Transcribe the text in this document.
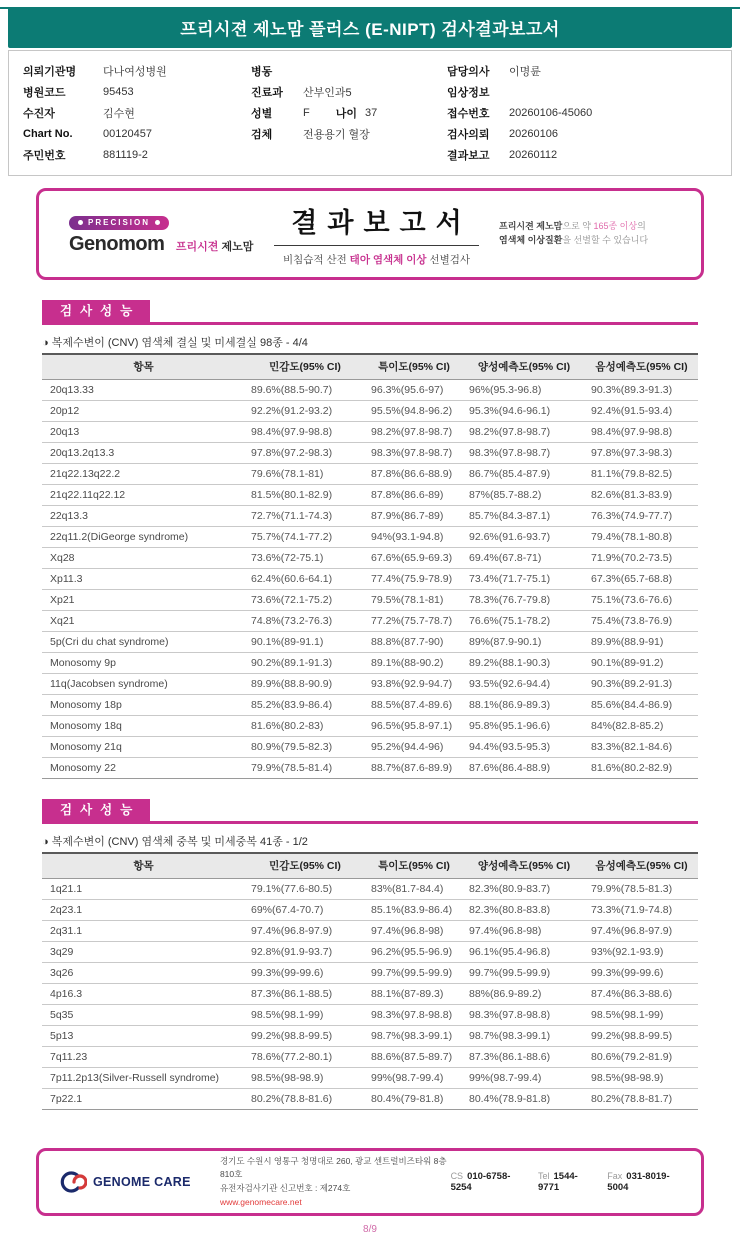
프리시젼 제노맘 플러스 (E-NIPT) 검사결과보고서
의뢰기관명	다나여성병원
병원코드	95453
수진자	김수현
Chart No.	00120457
주민번호	881119-2
병동
진료과	산부인과5
성별	F 나이 37
검체	전용용기 혈장
담당의사	이명륜
임상정보
접수번호	20260106-45060
검사의뢰	20260106
결과보고	20260112
PRECISION
Genomom 프리시젼 제노맘
결과보고서
비침습적 산전 태아 염색체 이상 선별검사
프리시젼 제노맘으로 약 165종 이상의
염색체 이상질환을 선별할 수 있습니다
검사성능
◑ 복제수변이 (CNV) 염색체 결실 및 미세결실 98종 - 4/4
항목	민감도(95% CI)	특이도(95% CI)	양성예측도(95% CI)	음성예측도(95% CI)
20q13.33	89.6%(88.5-90.7)	96.3%(95.6-97)	96%(95.3-96.8)	90.3%(89.3-91.3)
20p12	92.2%(91.2-93.2)	95.5%(94.8-96.2)	95.3%(94.6-96.1)	92.4%(91.5-93.4)
20q13	98.4%(97.9-98.8)	98.2%(97.8-98.7)	98.2%(97.8-98.7)	98.4%(97.9-98.8)
20q13.2q13.3	97.8%(97.2-98.3)	98.3%(97.8-98.7)	98.3%(97.8-98.7)	97.8%(97.3-98.3)
21q22.13q22.2	79.6%(78.1-81)	87.8%(86.6-88.9)	86.7%(85.4-87.9)	81.1%(79.8-82.5)
21q22.11q22.12	81.5%(80.1-82.9)	87.8%(86.6-89)	87%(85.7-88.2)	82.6%(81.3-83.9)
22q13.3	72.7%(71.1-74.3)	87.9%(86.7-89)	85.7%(84.3-87.1)	76.3%(74.9-77.7)
22q11.2(DiGeorge syndrome)	75.7%(74.1-77.2)	94%(93.1-94.8)	92.6%(91.6-93.7)	79.4%(78.1-80.8)
Xq28	73.6%(72-75.1)	67.6%(65.9-69.3)	69.4%(67.8-71)	71.9%(70.2-73.5)
Xp11.3	62.4%(60.6-64.1)	77.4%(75.9-78.9)	73.4%(71.7-75.1)	67.3%(65.7-68.8)
Xp21	73.6%(72.1-75.2)	79.5%(78.1-81)	78.3%(76.7-79.8)	75.1%(73.6-76.6)
Xq21	74.8%(73.2-76.3)	77.2%(75.7-78.7)	76.6%(75.1-78.2)	75.4%(73.8-76.9)
5p(Cri du chat syndrome)	90.1%(89-91.1)	88.8%(87.7-90)	89%(87.9-90.1)	89.9%(88.9-91)
Monosomy 9p	90.2%(89.1-91.3)	89.1%(88-90.2)	89.2%(88.1-90.3)	90.1%(89-91.2)
11q(Jacobsen syndrome)	89.9%(88.8-90.9)	93.8%(92.9-94.7)	93.5%(92.6-94.4)	90.3%(89.2-91.3)
Monosomy 18p	85.2%(83.9-86.4)	88.5%(87.4-89.6)	88.1%(86.9-89.3)	85.6%(84.4-86.9)
Monosomy 18q	81.6%(80.2-83)	96.5%(95.8-97.1)	95.8%(95.1-96.6)	84%(82.8-85.2)
Monosomy 21q	80.9%(79.5-82.3)	95.2%(94.4-96)	94.4%(93.5-95.3)	83.3%(82.1-84.6)
Monosomy 22	79.9%(78.5-81.4)	88.7%(87.6-89.9)	87.6%(86.4-88.9)	81.6%(80.2-82.9)
검사성능
◑ 복제수변이 (CNV) 염색체 중복 및 미세중복 41종 - 1/2
항목	민감도(95% CI)	특이도(95% CI)	양성예측도(95% CI)	음성예측도(95% CI)
1q21.1	79.1%(77.6-80.5)	83%(81.7-84.4)	82.3%(80.9-83.7)	79.9%(78.5-81.3)
2q23.1	69%(67.4-70.7)	85.1%(83.9-86.4)	82.3%(80.8-83.8)	73.3%(71.9-74.8)
2q31.1	97.4%(96.8-97.9)	97.4%(96.8-98)	97.4%(96.8-98)	97.4%(96.8-97.9)
3q29	92.8%(91.9-93.7)	96.2%(95.5-96.9)	96.1%(95.4-96.8)	93%(92.1-93.9)
3q26	99.3%(99-99.6)	99.7%(99.5-99.9)	99.7%(99.5-99.9)	99.3%(99-99.6)
4p16.3	87.3%(86.1-88.5)	88.1%(87-89.3)	88%(86.9-89.2)	87.4%(86.3-88.6)
5q35	98.5%(98.1-99)	98.3%(97.8-98.8)	98.3%(97.8-98.8)	98.5%(98.1-99)
5p13	99.2%(98.8-99.5)	98.7%(98.3-99.1)	98.7%(98.3-99.1)	99.2%(98.8-99.5)
7q11.23	78.6%(77.2-80.1)	88.6%(87.5-89.7)	87.3%(86.1-88.6)	80.6%(79.2-81.9)
7p11.2p13(Silver-Russell syndrome)	98.5%(98-98.9)	99%(98.7-99.4)	99%(98.7-99.4)	98.5%(98-98.9)
7p22.1	80.2%(78.8-81.6)	80.4%(79-81.8)	80.4%(78.9-81.8)	80.2%(78.8-81.7)
GENOME CARE
경기도 수원시 영통구 청명대로 260, 광교 센트럴비즈타워 8층 810호
유전자검사기관 신고번호 : 제274호
www.genomecare.net
CS 010-6758-5254
Tel 1544-9771
Fax 031-8019-5004
8/9
